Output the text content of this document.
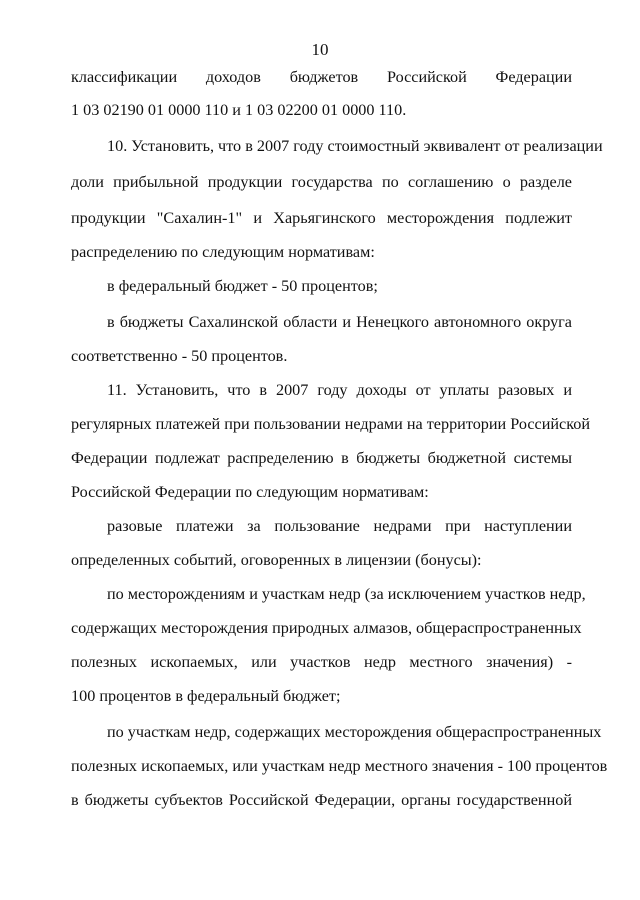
10
классификации доходов бюджетов Российской Федерации
1 03 02190 01 0000 110 и 1 03 02200 01 0000 110.
10. Установить, что в 2007 году стоимостный эквивалент от реализации
доли прибыльной продукции государства по соглашению о разделе
продукции "Сахалин-1" и Харьягинского месторождения подлежит
распределению по следующим нормативам:
в федеральный бюджет - 50 процентов;
в бюджеты Сахалинской области и Ненецкого автономного округа
соответственно - 50 процентов.
11. Установить, что в 2007 году доходы от уплаты разовых и
регулярных платежей при пользовании недрами на территории Российской
Федерации подлежат распределению в бюджеты бюджетной системы
Российской Федерации по следующим нормативам:
разовые платежи за пользование недрами при наступлении
определенных событий, оговоренных в лицензии (бонусы):
по месторождениям и участкам недр (за исключением участков недр,
содержащих месторождения природных алмазов, общераспространенных
полезных ископаемых, или участков недр местного значения) -
100 процентов в федеральный бюджет;
по участкам недр, содержащих месторождения общераспространенных
полезных ископаемых, или участкам недр местного значения - 100 процентов
в бюджеты субъектов Российской Федерации, органы государственной
